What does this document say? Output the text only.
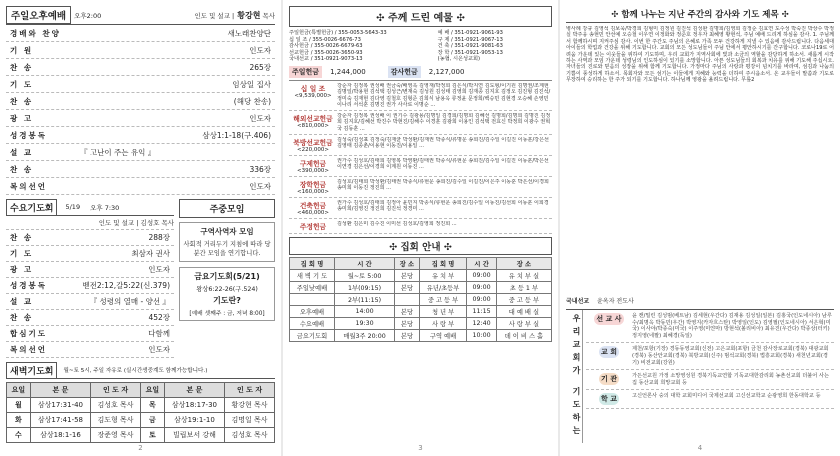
주일오후예배	오후2:00	인도 및 설교 | 황강현 목사
경배와 찬양	새노래찬양단
기 원	인도자
찬 송	265장
기 도	임상일 집사
찬 송	(해당 찬송)
광 고	인도자
성경봉독	삼상1:1-18(구.406)
설 교	『 고난이 주는 유익 』
찬 송	336장
복의선언	인도자
수요기도회	5/19 오후 7:30
인도 및 설교 | 김성호 목사
찬 송	288장
기 도	최삼자 권사
광 고	인도자
성경봉독	벧전2:12,갈5:22(신.379)
설 교	『 성령의 열매 - 양선 』
찬 송	452장
합심기도	다함께
복의선언	인도자
주중모임
구역사역자 모임
사회적 거리두기 지침에 따라 당분간 모임을 연기합니다.
금요기도회(5/21)
왕상6:22-26(구.524)
기도란?
[예배 셋째주 : 금, 저녁 8:00]
새벽기도회	월~토 5시, 주일 자유로 (실시간생중계도 함께가능합니다.)
요일	본 문	인 도 자	요일	본 문	인 도 자
월	삼상17:31-40	김성호 목사	목	삼상18:17-30	황강현 목사
화	삼상17:41-58	김도형 목사	금	삼상19:1-10	김명일 목사
수	삼상18:1-16	장준영 목사	토	빌립보서 강해	김성호 목사
2
✣ 주께 드린 예물 ✣
주일헌금(특별헌금) / 355-0053-5643-33
십 일 조 / 355-0026-6676-73
감사헌금 / 355-0026-6679-63
선교헌금 / 355-0026-3650-93
국내선교 / 351-0921-9073-13
예 배 / 351-0921-9061-93
구 제 / 351-0921-9067-13
건 축 / 351-0921-9081-63
장 학 / 351-0921-9053-13
(농협, 시온성교회)
주일헌금	1,244,000	감사헌금	2,127,000
십 일 조
<9,539,000>
강순자 김정복 권성배 권금숙/배영옥 김영재/박정희 김은식/박지연 김도형/이기원 김명권/조계현 김명일/박용현 김석택 김성근/변재숙 김성원 김성태 김영희 김재종 김지호 김정오 김진형 김진석/정미숙 김재현 김다영 김철호 김형준 김희식 남용옥 류정윤 문정희/백승민 김현경 오승혜 손영민 이나리 서석훈 김명진 권가 사사로 이명순 ...
해외선교헌금
<810,000>
강순자 김정복 권성배 이 권기수 김광용/김명일 김경희/김명희 김혜선 김명희/김명희 김명진 김정희 김지호/김혜선 박진수 박현진/김해수 이경훈 김광희 이용인 김석택 전효신 박정희 이광수 권혁국 김동훈 ...
북방선교헌금
<220,000>
김성숙/김성표 김정숙/김재균 박성환/김재권 박종식/류명운 송희진/김수일 이길진 이동훈/강은선 김영태 김종춘/이용현 이동진/이용일 ...
구제헌금
<390,000>
권가수 김성호/김태희 김영복 박영환/김태권 박종식/류현문 송희진/김수일 이길진 이동훈/박은선 이연경 김은선/이경희 이계원 이동진 ...
장학헌금
<160,000>
김성호/김태희 박성환/김태권 박종식/류현운 송희진/김수일 이길진/이은주 이동훈 박은선/이경희 송미희 이동진 정진희 ...
건축헌금
<460,000>
권가수 김성호/김태희 김정아 윤민지 박종식/류현운 송희진/김수일 이동진/김선희 이동훈 이희경 송미희/김영진 정진희 김진석 정경미 ...
주정헌금	김성환 김은미 김수진 이미선 김성호/김영희 정진희 ...
✣ 집회 안내 ✣
집 회 명	시 간	장 소	집 회 명	시 간	장 소
새 벽 기 도	월~토 5:00	본당	유 치 부	09:00	유 치 부 실
주일낮예배	1부(09:15)	본당	유년/초등부	09:00	초 등 1 부
	2부(11:15)		중 고 등 부	09:00	중 고 등 부
오후예배	14:00	본당	청 년 부	11:15	대 예 배 실
수요예배	19:30	본당	사 랑 부	12:40	사 랑 부 실
금요기도회	매월3주 20:00	본당	구역 예배	10:00	데 이 비 스 홀
3
✣ 함께 나누는 지난 주간의 감사와 기도 제목 ✣
병사례 강규 김영석 김보욱/박경희 김형미 김정원 김진석 김성완 김명희/김영희 김정순 김효연 도수성 박숙진 박상수 박정실 박주웅 송현민 안선예 오승철 이우연 이정화와 정준호 정우자 최혜영 황현석, 주님 예배 드리게 하심을 감사. 1. 주님께서 함께하시며 지켜주심 감사. 이번 한 주간도 주님의 은혜로 가족 모두 건강하게 지낼 수 있음에 감사드립니다. 다음세대 아이들의 학업과 건강을 위해 기도합니다. 교회의 모든 성도님들이 주님 안에서 평안하시기를 간구합니다. 코로나19로 어려움 가운데 있는 이웃들을 위하여 기도하며, 우리 교회가 지역사회에 빛과 소금의 역할을 감당하게 하소서. 새롭게 시작하는 사역과 모임 가운데 성령님의 인도하심이 있기를 소망합니다. 아픈 성도님들의 회복과 치유를 위해 기도해 주십시오. 자녀들의 진로와 믿음의 성장을 위해 함께 기도합니다. 가정마다 주님의 사랑과 평강이 넘치기를 바라며, 섬김과 나눔의 기쁨이 풍성하게 하소서. 목회자와 모든 섬기는 이들에게 지혜와 능력을 더하여 주시옵소서. 온 교우들이 말씀과 기도로 무장하여 승리하는 한 주가 되기를 기도합니다. 하나님께 영광을 올려드립니다. 무릎2
국내선교 윤옥자 전도사
우리교회가 기도하는	선 교 사	윤 캔/밀린 김성범(베트남) 김세현(우간다) 김재용 김성일(일본) 김홍국(인도네시아) 남루수/최명옥 박동민(우간) 박영지(카자흐스탄) 박영일(인도) 김영필(인도네시아) 서은혁(미국) 이사야/박종숙(미국) 이주영(미얀마) 방현석(볼리비아) 최유진(우간다) 박종상(터키) 정지영(네팔) 최혜경(독일)
교 회	제천/포항(기장) 경동동영교회(신전) 고은교회(포항) 금천 감사장로교회(경북) 대광교회(경북) 동산안교회(경북) 북방교회(신주) 범석교회(경북) 법흥교회(경북) 새천년교회(경기) 비전교회(강원)
기 관	가든선교원 가정 소망영성원 경북기독교연합 기독교대한감리회 농촌선교회 더불어 사는 집 동산교회 희망교회 등
학 교	고신언론사 숭의 대학 교회미디어 국제선교회 고신선교학교 순광영희 한동대학교 등
4
